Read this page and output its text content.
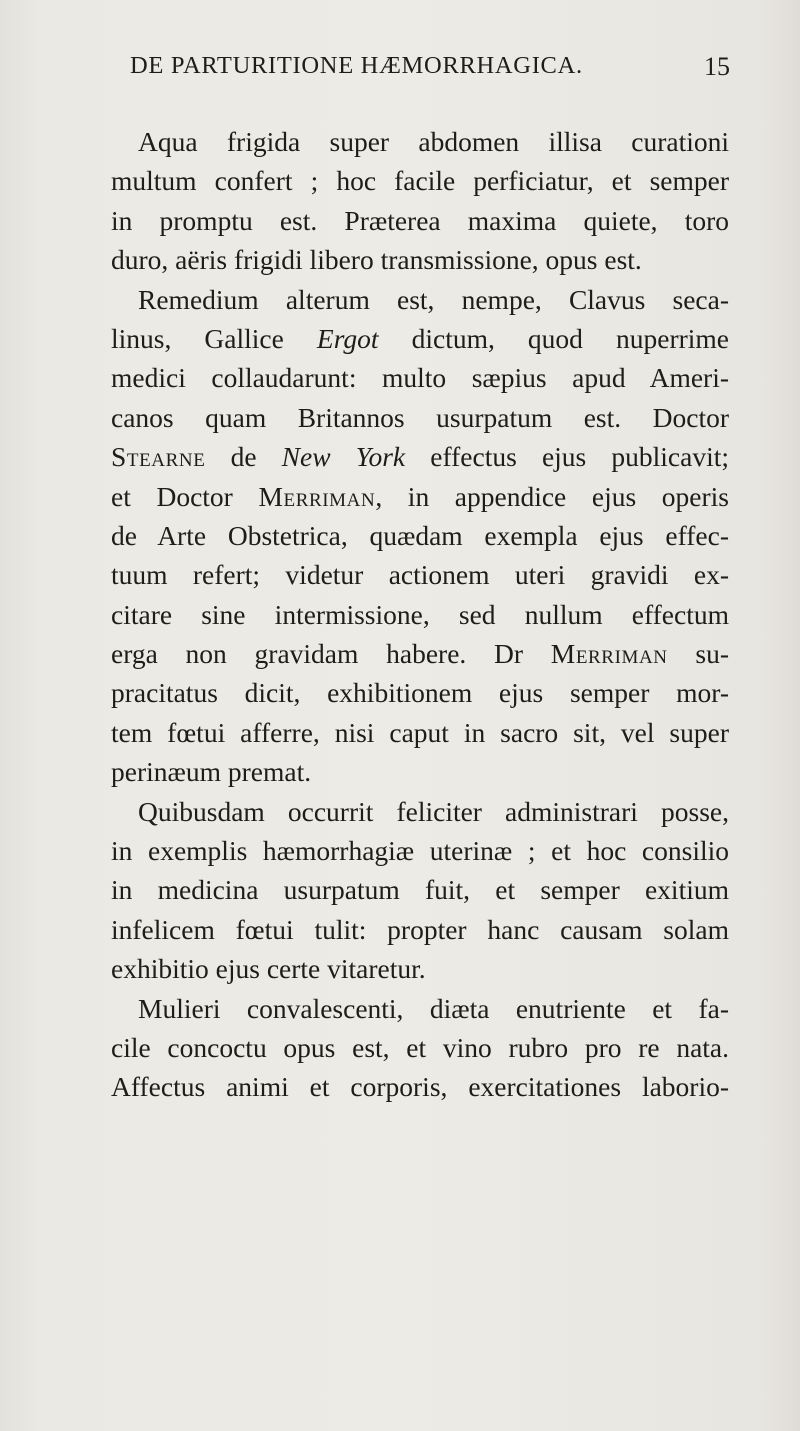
DE PARTURITIONE HÆMORRHAGICA.	15
Aqua frigida super abdomen illisa curationi
multum confert ; hoc facile perficiatur, et semper
in promptu est. Præterea maxima quiete, toro
duro, aëris frigidi libero transmissione, opus est.
Remedium alterum est, nempe, Clavus seca-
linus, Gallice Ergot dictum, quod nuperrime
medici collaudarunt: multo sæpius apud Ameri-
canos quam Britannos usurpatum est. Doctor
Stearne de New York effectus ejus publicavit;
et Doctor Merriman, in appendice ejus operis
de Arte Obstetrica, quædam exempla ejus effec-
tuum refert; videtur actionem uteri gravidi ex-
citare sine intermissione, sed nullum effectum
erga non gravidam habere. Dr Merriman su-
pracitatus dicit, exhibitionem ejus semper mor-
tem fœtui afferre, nisi caput in sacro sit, vel super
perinæum premat.
Quibusdam occurrit feliciter administrari posse,
in exemplis hæmorrhagiæ uterinæ ; et hoc consilio
in medicina usurpatum fuit, et semper exitium
infelicem fœtui tulit: propter hanc causam solam
exhibitio ejus certe vitaretur.
Mulieri convalescenti, diæta enutriente et fa-
cile concoctu opus est, et vino rubro pro re nata.
Affectus animi et corporis, exercitationes laborio-
